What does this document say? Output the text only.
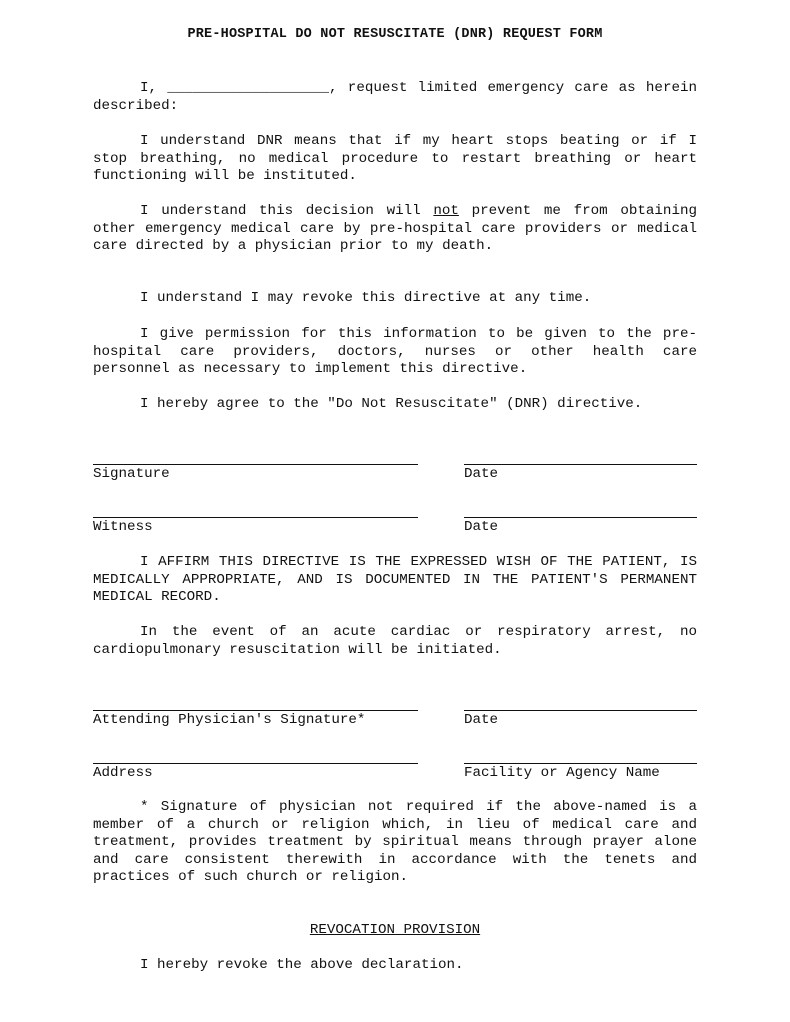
PRE-HOSPITAL DO NOT RESUSCITATE (DNR) REQUEST FORM

I, ___________________, request limited emergency care as herein described:

I understand DNR means that if my heart stops beating or if I stop breathing, no medical procedure to restart breathing or heart functioning will be instituted.

I understand this decision will not prevent me from obtaining other emergency medical care by pre-hospital care providers or medical care directed by a physician prior to my death.

I understand I may revoke this directive at any time.

I give permission for this information to be given to the pre-hospital care providers, doctors, nurses or other health care personnel as necessary to implement this directive.

I hereby agree to the "Do Not Resuscitate" (DNR) directive.

Signature	Date
Witness	Date

I AFFIRM THIS DIRECTIVE IS THE EXPRESSED WISH OF THE PATIENT, IS MEDICALLY APPROPRIATE, AND IS DOCUMENTED IN THE PATIENT'S PERMANENT MEDICAL RECORD.

In the event of an acute cardiac or respiratory arrest, no cardiopulmonary resuscitation will be initiated.

Attending Physician's Signature*	Date
Address	Facility or Agency Name

* Signature of physician not required if the above-named is a member of a church or religion which, in lieu of medical care and treatment, provides treatment by spiritual means through prayer alone and care consistent therewith in accordance with the tenets and practices of such church or religion.

REVOCATION PROVISION

I hereby revoke the above declaration.
